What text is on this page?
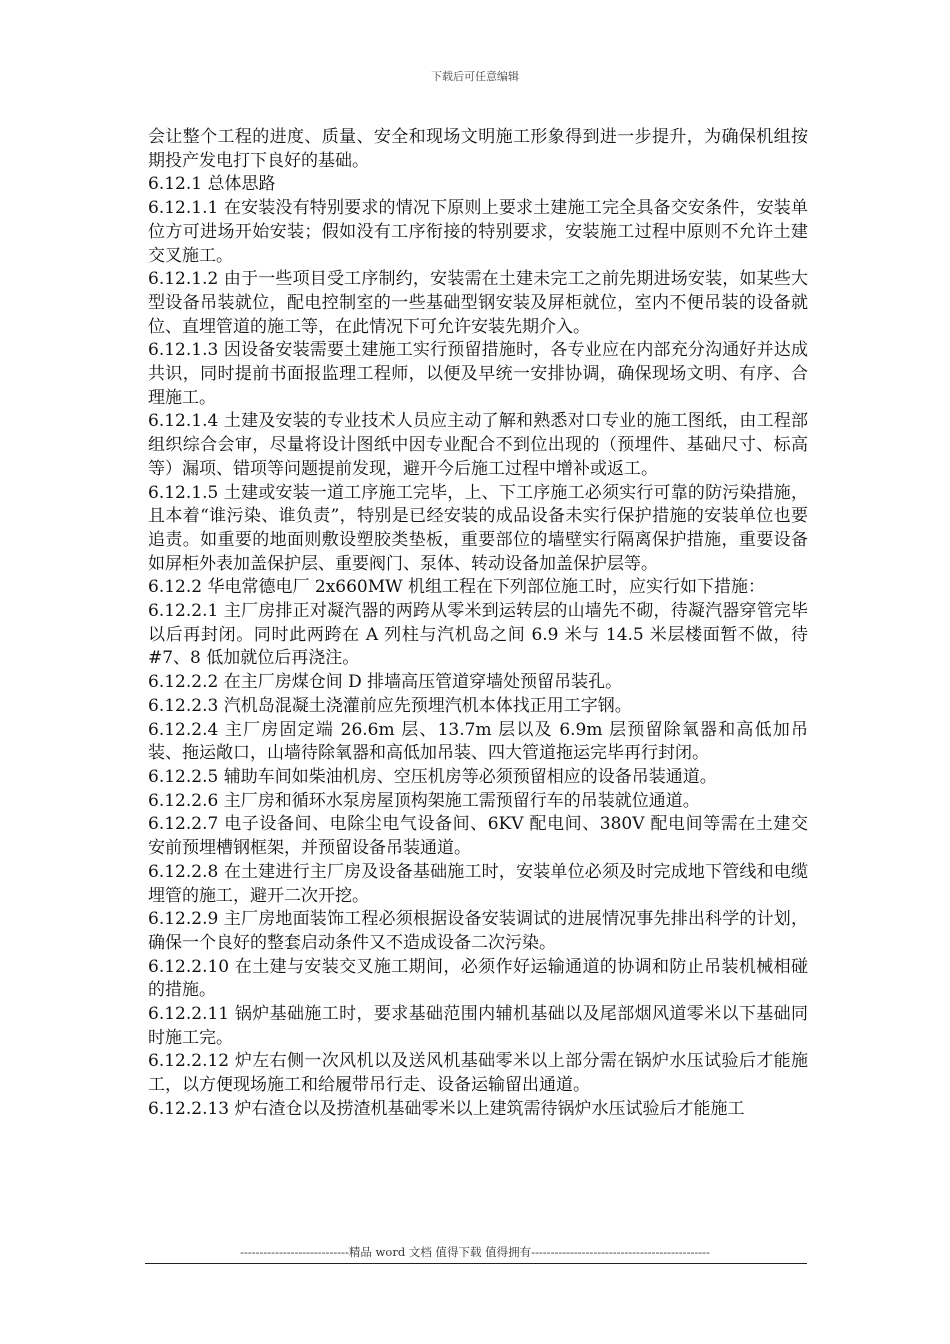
下载后可任意编辑

会让整个工程的进度、质量、安全和现场文明施工形象得到进一步提升，为确保机组按期投产发电打下良好的基础。

6.12.1 总体思路

6.12.1.1 在安装没有特别要求的情况下原则上要求土建施工完全具备交安条件，安装单位方可进场开始安装；假如没有工序衔接的特别要求，安装施工过程中原则不允许土建交叉施工。

6.12.1.2 由于一些项目受工序制约，安装需在土建未完工之前先期进场安装，如某些大型设备吊装就位，配电控制室的一些基础型钢安装及屏柜就位，室内不便吊装的设备就位、直埋管道的施工等，在此情况下可允许安装先期介入。

6.12.1.3 因设备安装需要土建施工实行预留措施时，各专业应在内部充分沟通好并达成共识，同时提前书面报监理工程师，以便及早统一安排协调，确保现场文明、有序、合理施工。

6.12.1.4 土建及安装的专业技术人员应主动了解和熟悉对口专业的施工图纸，由工程部组织综合会审，尽量将设计图纸中因专业配合不到位出现的（预埋件、基础尺寸、标高等）漏项、错项等问题提前发现，避开今后施工过程中增补或返工。

6.12.1.5 土建或安装一道工序施工完毕，上、下工序施工必须实行可靠的防污染措施，且本着“谁污染、谁负责”，特别是已经安装的成品设备未实行保护措施的安装单位也要追责。如重要的地面则敷设塑胶类垫板，重要部位的墙壁实行隔离保护措施，重要设备如屏柜外表加盖保护层、重要阀门、泵体、转动设备加盖保护层等。

6.12.2 华电常德电厂 2x660MW 机组工程在下列部位施工时，应实行如下措施：

6.12.2.1 主厂房排正对凝汽器的两跨从零米到运转层的山墙先不砌，待凝汽器穿管完毕以后再封闭。同时此两跨在 A 列柱与汽机岛之间 6.9 米与 14.5 米层楼面暂不做，待#7、8 低加就位后再浇注。

6.12.2.2 在主厂房煤仓间 D 排墙高压管道穿墙处预留吊装孔。

6.12.2.3 汽机岛混凝土浇灌前应先预埋汽机本体找正用工字钢。

6.12.2.4 主厂房固定端 26.6m 层、13.7m 层以及 6.9m 层预留除氧器和高低加吊装、拖运敞口，山墙待除氧器和高低加吊装、四大管道拖运完毕再行封闭。

6.12.2.5 辅助车间如柴油机房、空压机房等必须预留相应的设备吊装通道。

6.12.2.6 主厂房和循环水泵房屋顶构架施工需预留行车的吊装就位通道。

6.12.2.7 电子设备间、电除尘电气设备间、6KV 配电间、380V 配电间等需在土建交安前预埋槽钢框架，并预留设备吊装通道。

6.12.2.8 在土建进行主厂房及设备基础施工时，安装单位必须及时完成地下管线和电缆埋管的施工，避开二次开挖。

6.12.2.9 主厂房地面装饰工程必须根据设备安装调试的进展情况事先排出科学的计划，确保一个良好的整套启动条件又不造成设备二次污染。

6.12.2.10 在土建与安装交叉施工期间，必须作好运输通道的协调和防止吊装机械相碰的措施。

6.12.2.11 锅炉基础施工时，要求基础范围内辅机基础以及尾部烟风道零米以下基础同时施工完。

6.12.2.12 炉左右侧一次风机以及送风机基础零米以上部分需在锅炉水压试验后才能施工，以方便现场施工和给履带吊行走、设备运输留出通道。

6.12.2.13 炉右渣仓以及捞渣机基础零米以上建筑需待锅炉水压试验后才能施工

----------------------------精品 word 文档 值得下载 值得拥有----------------------------------------------
